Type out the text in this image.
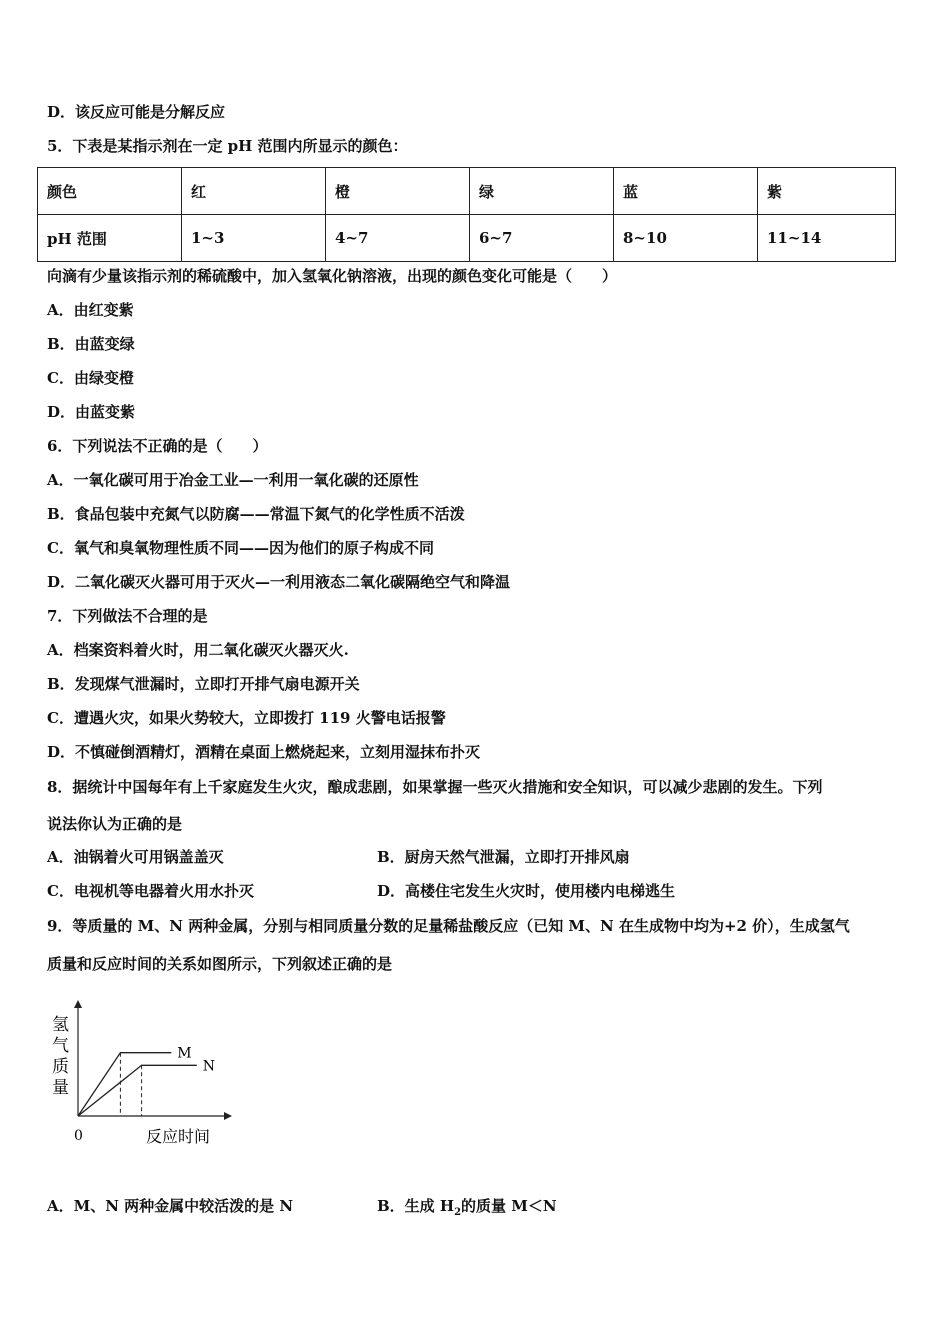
D．该反应可能是分解反应
5．下表是某指示剂在一定 pH 范围内所显示的颜色：
颜色	红	橙	绿	蓝	紫
pH 范围	1~3	4~7	6~7	8~10	11~14
向滴有少量该指示剂的稀硫酸中，加入氢氧化钠溶液，出现的颜色变化可能是（　　）
A．由红变紫
B．由蓝变绿
C．由绿变橙
D．由蓝变紫
6．下列说法不正确的是（　　）
A．一氧化碳可用于冶金工业—一利用一氧化碳的还原性
B．食品包装中充氮气以防腐——常温下氮气的化学性质不活泼
C．氧气和臭氧物理性质不同——因为他们的原子构成不同
D．二氧化碳灭火器可用于灭火—一利用液态二氧化碳隔绝空气和降温
7．下列做法不合理的是
A．档案资料着火时，用二氧化碳灭火器灭火.
B．发现煤气泄漏时，立即打开排气扇电源开关
C．遭遇火灾，如果火势较大，立即拨打 119 火警电话报警
D．不慎碰倒酒精灯，酒精在桌面上燃烧起来，立刻用湿抹布扑灭
8．据统计中国每年有上千家庭发生火灾，酿成悲剧，如果掌握一些灭火措施和安全知识，可以减少悲剧的发生。下列
说法你认为正确的是
A．油锅着火可用锅盖盖灭	B．厨房天然气泄漏，立即打开排风扇
C．电视机等电器着火用水扑灭	D．高楼住宅发生火灾时，使用楼内电梯逃生
9．等质量的 M、N 两种金属，分别与相同质量分数的足量稀盐酸反应（已知 M、N 在生成物中均为+2 价），生成氢气
质量和反应时间的关系如图所示，下列叙述正确的是
氢
气
质
量
0	反应时间
M
N
A．M、N 两种金属中较活泼的是 N	B．生成 $H_2$的质量 M＜N
